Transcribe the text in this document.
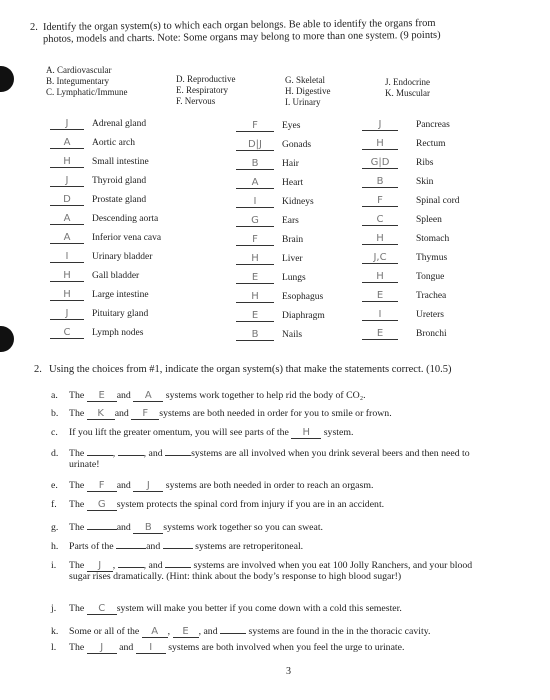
2. Identify the organ system(s) to which each organ belongs. Be able to identify the organs from
photos, models and charts. Note: Some organs may belong to more than one system. (9 points)
A. Cardiovascular
B. Integumentary
C. Lymphatic/Immune
D. Reproductive
E. Respiratory
F. Nervous
G. Skeletal
H. Digestive
I. Urinary
J. Endocrine
K. Muscular
J	Adrenal gland
A	Aortic arch
H	Small intestine
J	Thyroid gland
D	Prostate gland
A	Descending aorta
A	Inferior vena cava
I	Urinary bladder
H	Gall bladder
H	Large intestine
J	Pituitary gland
C	Lymph nodes
F	Eyes
D|J	Gonads
B	Hair
A	Heart
I	Kidneys
G	Ears
F	Brain
H	Liver
E	Lungs
H	Esophagus
E	Diaphragm
B	Nails
J	Pancreas
H	Rectum
G|D	Ribs
B	Skin
F	Spinal cord
C	Spleen
H	Stomach
J,C	Thymus
H	Tongue
E	Trachea
I	Ureters
E	Bronchi
2. Using the choices from #1, indicate the organ system(s) that make the statements correct. (10.5)
a. The E and A systems work together to help rid the body of CO₂.
b. The K and F systems are both needed in order for you to smile or frown.
c. If you lift the greater omentum, you will see parts of the H system.
d. The	,	, and	systems are all involved when you drink several beers and then need to
urinate!
e. The F and J systems are both needed in order to reach an orgasm.
f. The G system protects the spinal cord from injury if you are in an accident.
g. The	and B systems work together so you can sweat.
h. Parts of the	and	systems are retroperitoneal.
i. The J ,	, and	systems are involved when you eat 100 Jolly Ranchers, and your blood
sugar rises dramatically. (Hint: think about the body’s response to high blood sugar!)
j. The C system will make you better if you come down with a cold this semester.
k. Some or all of the A , E , and	systems are found in the in the thoracic cavity.
l. The J and I systems are both involved when you feel the urge to urinate.
3
